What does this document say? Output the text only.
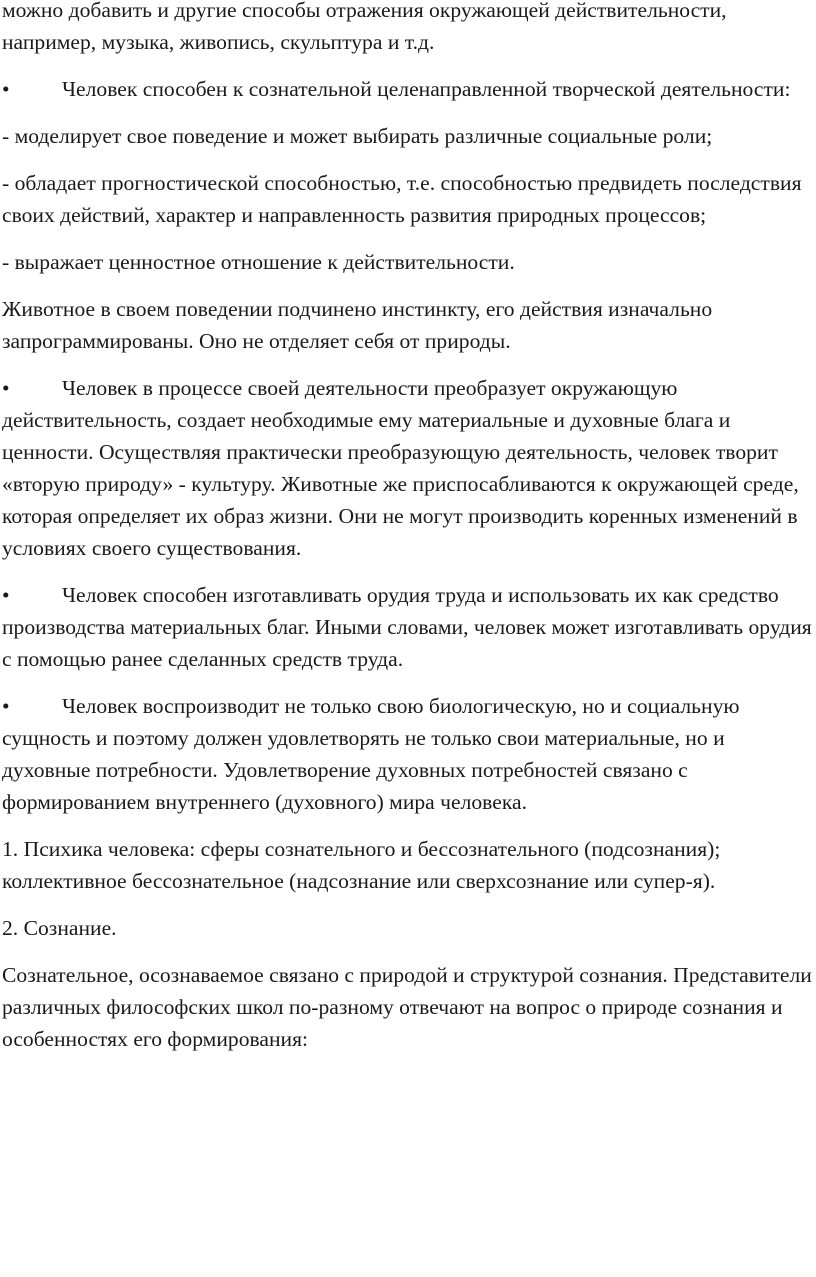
можно добавить и другие способы отражения окружающей действительности, например, музыка, живопись, скульптура и т.д.

• Человек способен к сознательной целенаправленной творческой деятельности:

- моделирует свое поведение и может выбирать различные социальные роли;

- обладает прогностической способностью, т.е. способностью предвидеть последствия своих действий, характер и направленность развития природных процессов;

- выражает ценностное отношение к действительности.

Животное в своем поведении подчинено инстинкту, его действия изначально запрограммированы. Оно не отделяет себя от природы.

• Человек в процессе своей деятельности преобразует окружающую действительность, создает необходимые ему материальные и духовные блага и ценности. Осуществляя практически преобразующую деятельность, человек творит «вторую природу» - культуру. Животные же приспосабливаются к окружающей среде, которая определяет их образ жизни. Они не могут производить коренных изменений в условиях своего существования.

• Человек способен изготавливать орудия труда и использовать их как средство производства материальных благ. Иными словами, человек может изготавливать орудия с помощью ранее сделанных средств труда.

• Человек воспроизводит не только свою биологическую, но и социальную сущность и поэтому должен удовлетворять не только свои материальные, но и духовные потребности. Удовлетворение духовных потребностей связано с формированием внутреннего (духовного) мира человека.

1. Психика человека: сферы сознательного и бессознательного (подсознания); коллективное бессознательное (надсознание или сверхсознание или супер-я).

2. Сознание.

Сознательное, осознаваемое связано с природой и структурой сознания. Представители различных философских школ по-разному отвечают на вопрос о природе сознания и особенностях его формирования:
